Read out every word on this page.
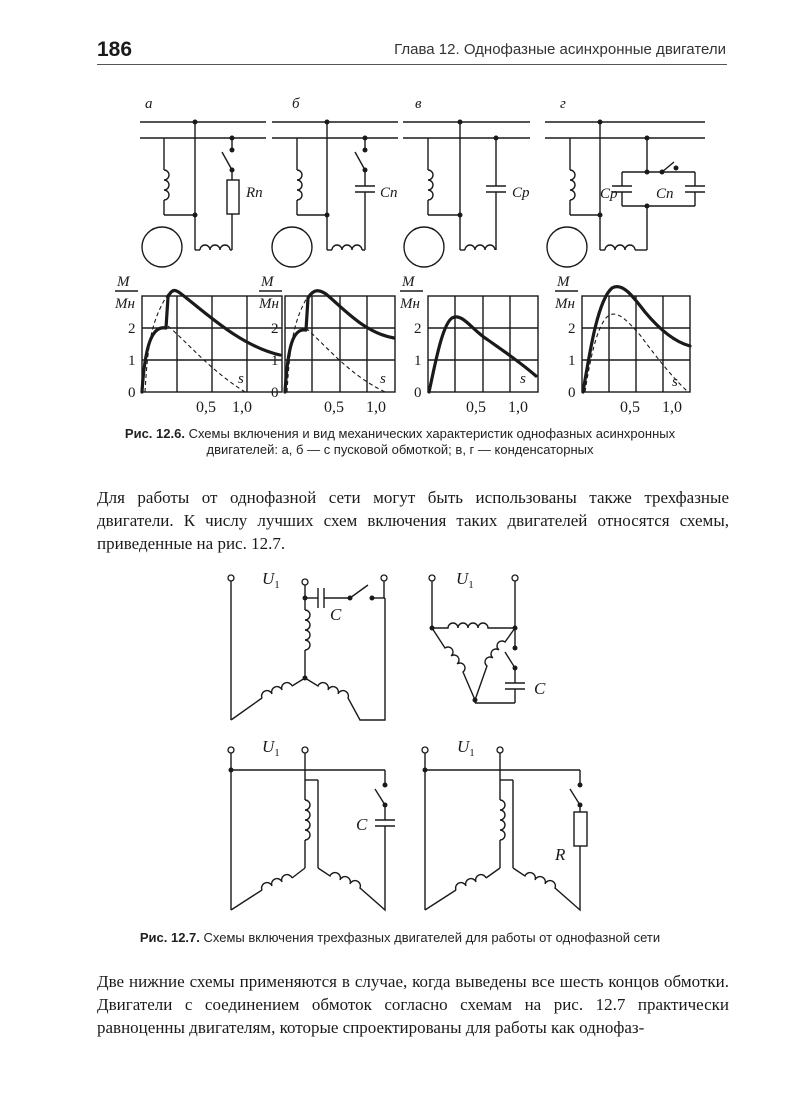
186	Глава 12. Однофазные асинхронные двигатели
а	б	в	г
Rп	Cп	Cр	Cр	Cп
M
Mн
2
1
0
0,5 1,0
s
M
Mн
2
1
0
0,5 1,0
s
M
Mн
2
1
0
0,5 1,0
s
M
Mн
2
1
0
0,5 1,0
s
Рис. 12.6. Схемы включения и вид механических характеристик однофазных асинхронных
двигателей: а, б — с пусковой обмоткой; в, г — конденсаторных
Для работы от однофазной сети могут быть использованы также трехфазные двигатели. К числу лучших схем включения таких двигателей относятся схемы, приведенные на рис. 12.7.
$U_1$
C
$U_1$
C
$U_1$
C
$U_1$
R
Рис. 12.7. Схемы включения трехфазных двигателей для работы от однофазной сети
Две нижние схемы применяются в случае, когда выведены все шесть концов обмотки. Двигатели с соединением обмоток согласно схемам на рис. 12.7 практически равноценны двигателям, которые спроектированы для работы как однофаз-
